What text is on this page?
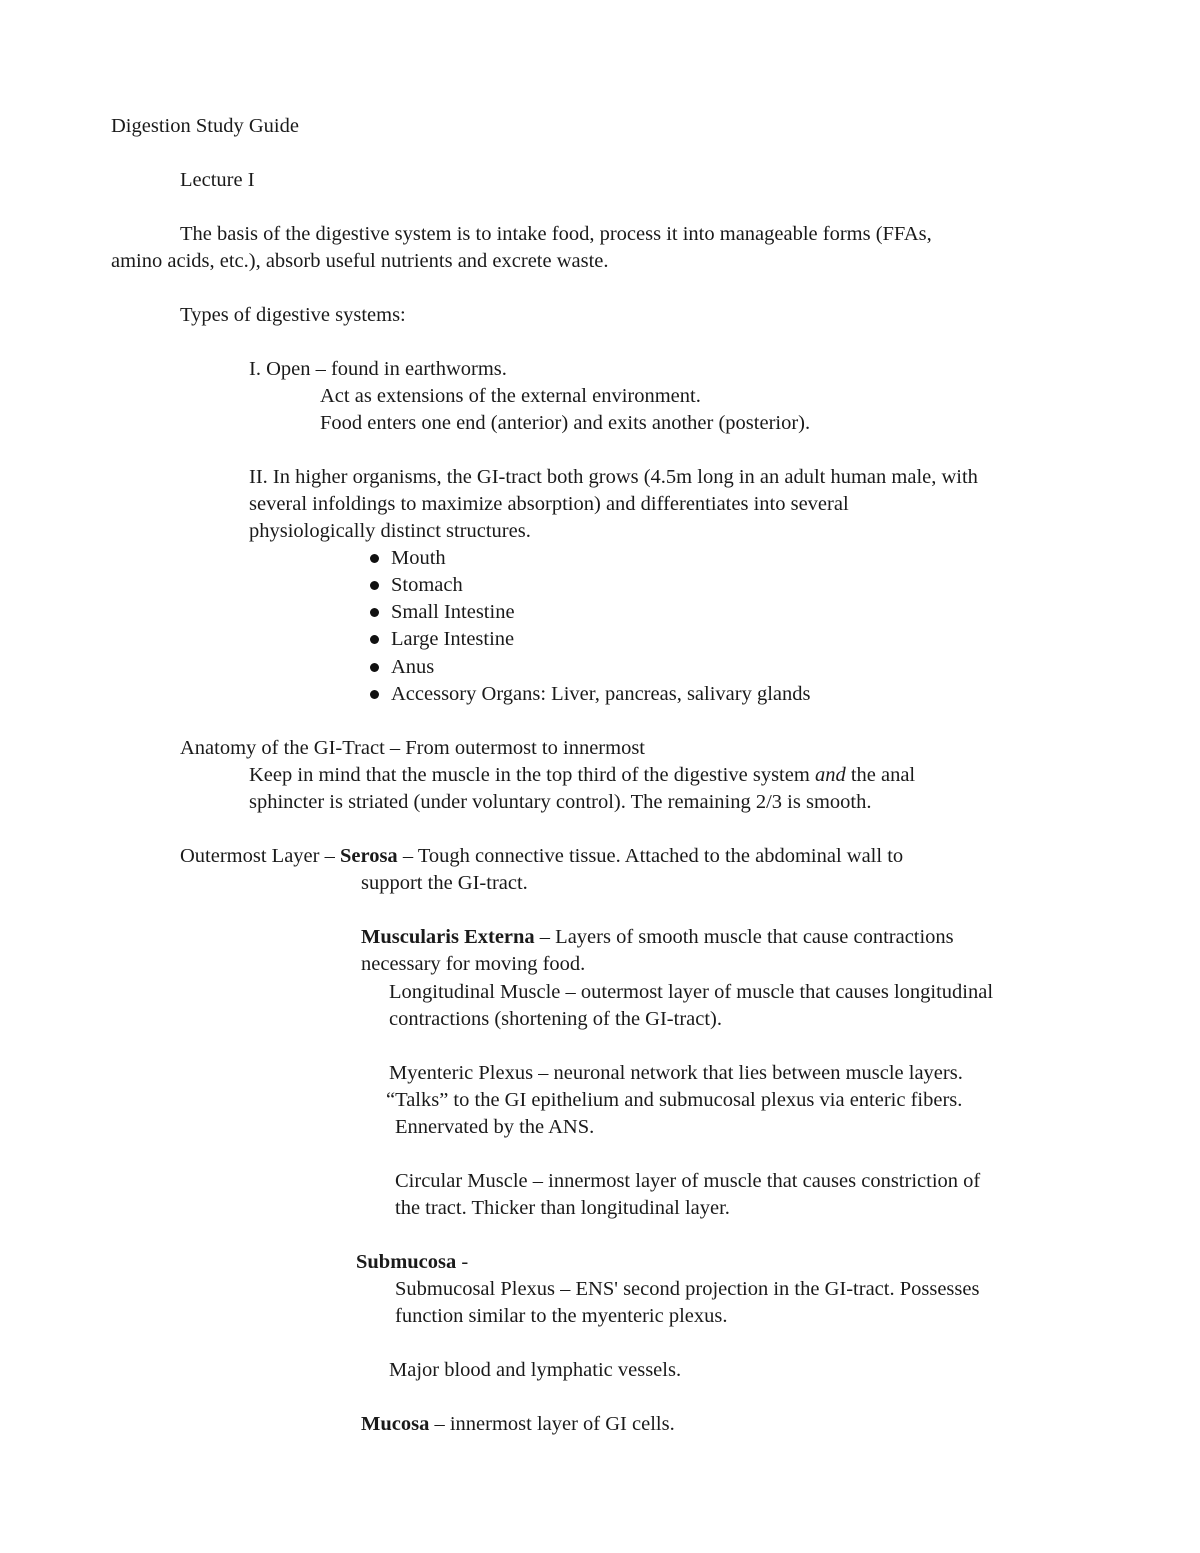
Digestion Study Guide
Lecture I
The basis of the digestive system is to intake food, process it into manageable forms (FFAs,
amino acids, etc.), absorb useful nutrients and excrete waste.
Types of digestive systems:
I. Open – found in earthworms.
Act as extensions of the external environment.
Food enters one end (anterior) and exits another (posterior).
II. In higher organisms, the GI-tract both grows (4.5m long in an adult human male, with
several infoldings to maximize absorption) and differentiates into several
physiologically distinct structures.
Mouth
Stomach
Small Intestine
Large Intestine
Anus
Accessory Organs: Liver, pancreas, salivary glands
Anatomy of the GI-Tract – From outermost to innermost
Keep in mind that the muscle in the top third of the digestive system and the anal
sphincter is striated (under voluntary control). The remaining 2/3 is smooth.
Outermost Layer – Serosa – Tough connective tissue. Attached to the abdominal wall to
support the GI-tract.
Muscularis Externa – Layers of smooth muscle that cause contractions
necessary for moving food.
Longitudinal Muscle – outermost layer of muscle that causes longitudinal
contractions (shortening of the GI-tract).
Myenteric Plexus – neuronal network that lies between muscle layers.
“Talks” to the GI epithelium and submucosal plexus via enteric fibers.
Ennervated by the ANS.
Circular Muscle – innermost layer of muscle that causes constriction of
the tract. Thicker than longitudinal layer.
Submucosa -
Submucosal Plexus – ENS' second projection in the GI-tract. Possesses
function similar to the myenteric plexus.
Major blood and lymphatic vessels.
Mucosa – innermost layer of GI cells.
